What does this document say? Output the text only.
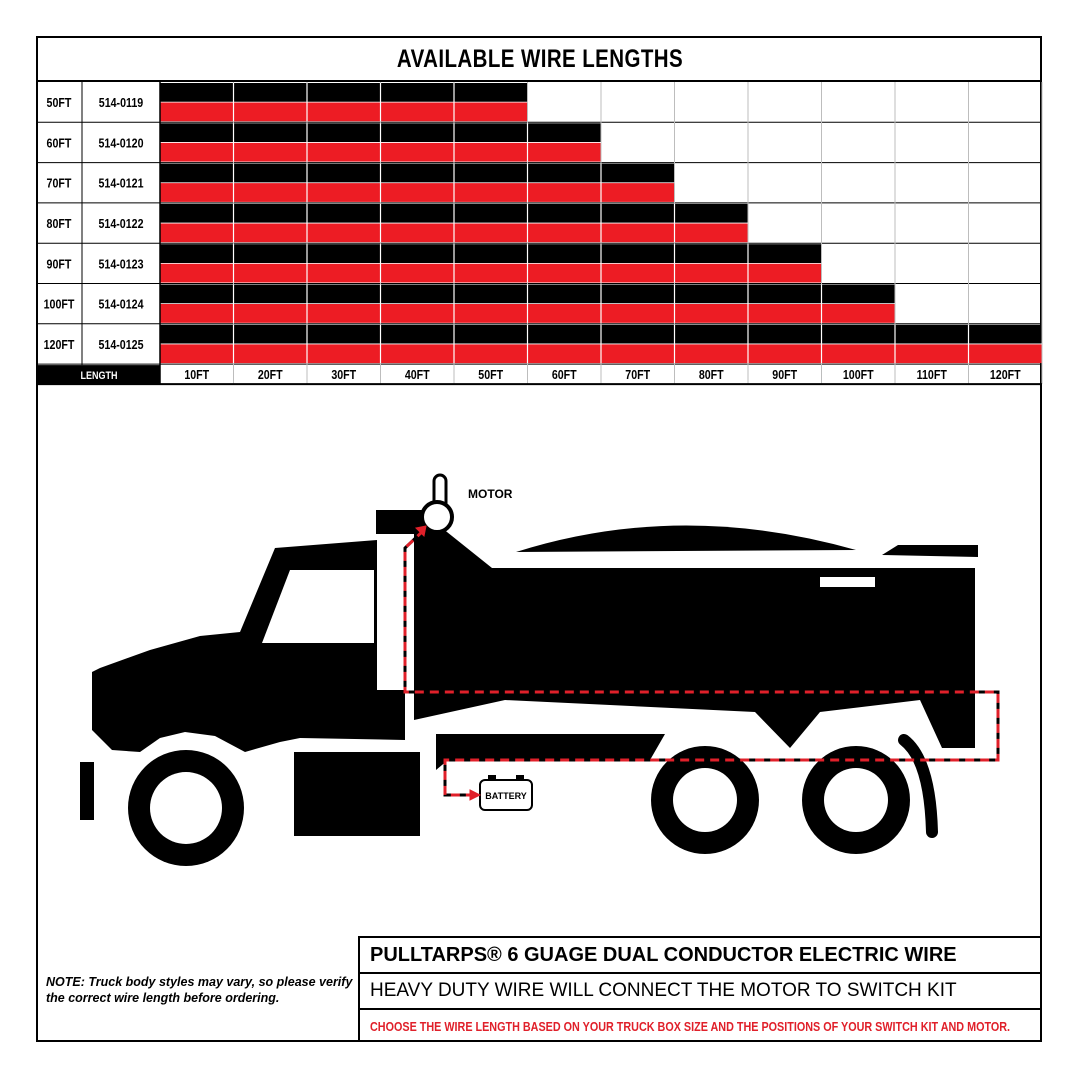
AVAILABLE WIRE LENGTHS
50FT 514-0119
60FT 514-0120
70FT 514-0121
80FT 514-0122
90FT 514-0123
100FT 514-0124
120FT 514-0125
LENGTH	10FT	20FT	30FT	40FT	50FT	60FT	70FT	80FT	90FT	100FT	110FT	120FT
MOTOR
BATTERY
NOTE: Truck body styles may vary, so please verify the correct wire length before ordering.
PULLTARPS® 6 GUAGE DUAL CONDUCTOR ELECTRIC WIRE
HEAVY DUTY WIRE WILL CONNECT THE MOTOR TO SWITCH KIT
CHOOSE THE WIRE LENGTH BASED ON YOUR TRUCK BOX SIZE AND THE POSITIONS OF YOUR SWITCH KIT AND MOTOR.
